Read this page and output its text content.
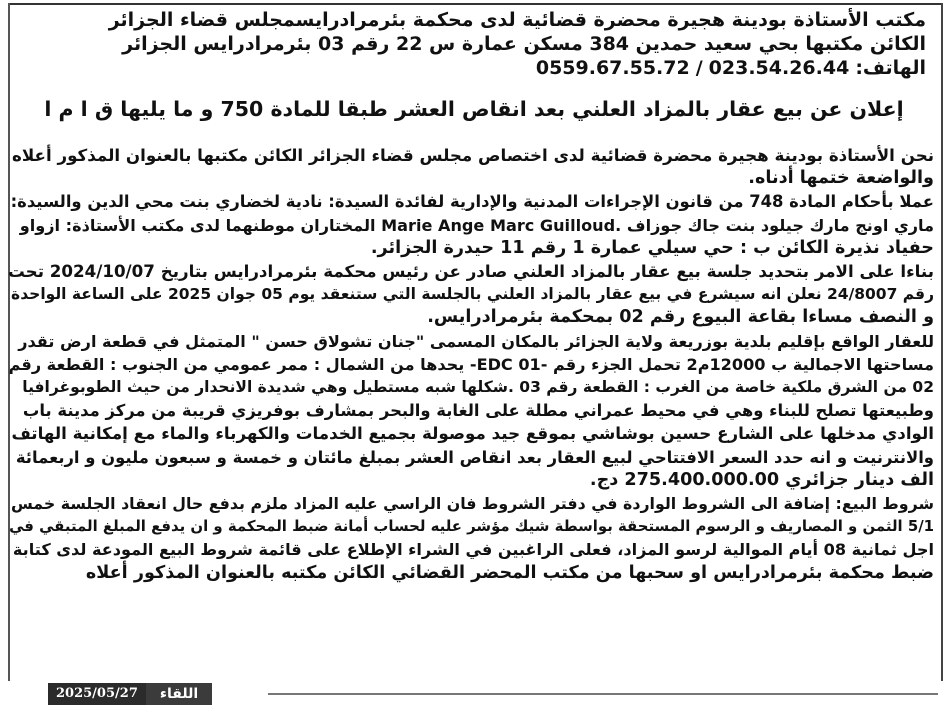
مكتب الأستاذة بودينة هجيرة محضرة قضائية لدى محكمة بئرمرادرايسمجلس قضاء الجزائر
الكائن مكتبها بحي سعيد حمدين 384 مسكن عمارة س 22 رقم 03 بئرمرادرايس الجزائر
الهاتف:
023.54.26.44
/
0559.67.55.72
إعلان عن بيع عقار بالمزاد العلني بعد انقاص العشر طبقا للمادة 750 و ما يليها ق ا م ا
نحن الأستاذة بودينة هجيرة محضرة قضائية لدى اختصاص مجلس قضاء الجزائر الكائن مكتبها بالعنوان المذكور أعلاه
والواضعة ختمها أدناه.
عملا بأحكام المادة 748 من قانون الإجراءات المدنية والإدارية لفائدة السيدة: نادية لخضاري بنت محي الدين والسيدة:
ماري اونج مارك جيلود بنت جاك جوزاف .Marie Ange Marc Guilloud المختاران موطنهما لدى مكتب الأستاذة: ازواو
حفياد نذيرة الكائن ب : حي سيلي عمارة 1 رقم 11 حيدرة الجزائر.
بناءا على الامر بتحديد جلسة بيع عقار بالمزاد العلني صادر عن رئيس محكمة بئرمرادرايس بتاريخ 2024/10/07 تحت
رقم 24/8007 نعلن انه سيشرع في بيع عقار بالمزاد العلني بالجلسة التي ستنعقد يوم 05 جوان 2025 على الساعة الواحدة
و النصف مساءا بقاعة البيوع رقم 02 بمحكمة بئرمرادرايس.
للعقار الواقع بإقليم بلدية بوزريعة ولاية الجزائر بالمكان المسمى "جنان تشولاق حسن " المتمثل في قطعة ارض تقدر
مساحتها الاجمالية ب 12000م2 تحمل الجزء رقم -01 EDC- يحدها من الشمال : ممر عمومي من الجنوب : القطعة رقم
02 من الشرق ملكية خاصة من الغرب : القطعة رقم 03 .شكلها شبه مستطيل وهي شديدة الانحدار من حيث الطوبوغرافيا
وطبيعتها تصلح للبناء وهي في محيط عمراني مطلة على الغابة والبحر بمشارف بوفريزي قريبة من مركز مدينة باب
الوادي مدخلها على الشارع حسين بوشاشي بموقع جيد موصولة بجميع الخدمات والكهرباء والماء مع إمكانية الهاتف
والانترنيت و انه حدد السعر الافتتاحي لبيع العقار بعد انقاص العشر بمبلغ مائتان و خمسة و سبعون مليون و اربعمائة
الف دينار جزائري 275.400.000.00 دج.
شروط البيع: إضافة الى الشروط الواردة في دفتر الشروط فان الراسي عليه المزاد ملزم بدفع حال انعقاد الجلسة خمس
5/1 الثمن و المصاريف و الرسوم المستحقة بواسطة شيك مؤشر عليه لحساب أمانة ضبط المحكمة و ان يدفع المبلغ المتبقي في
اجل ثمانية 08 أيام الموالية لرسو المزاد، فعلى الراغبين في الشراء الإطلاع على قائمة شروط البيع المودعة لدى كتابة
ضبط محكمة بئرمرادرايس او سحبها من مكتب المحضر القضائي الكائن مكتبه بالعنوان المذكور أعلاه
2025/05/27	اللقاء
